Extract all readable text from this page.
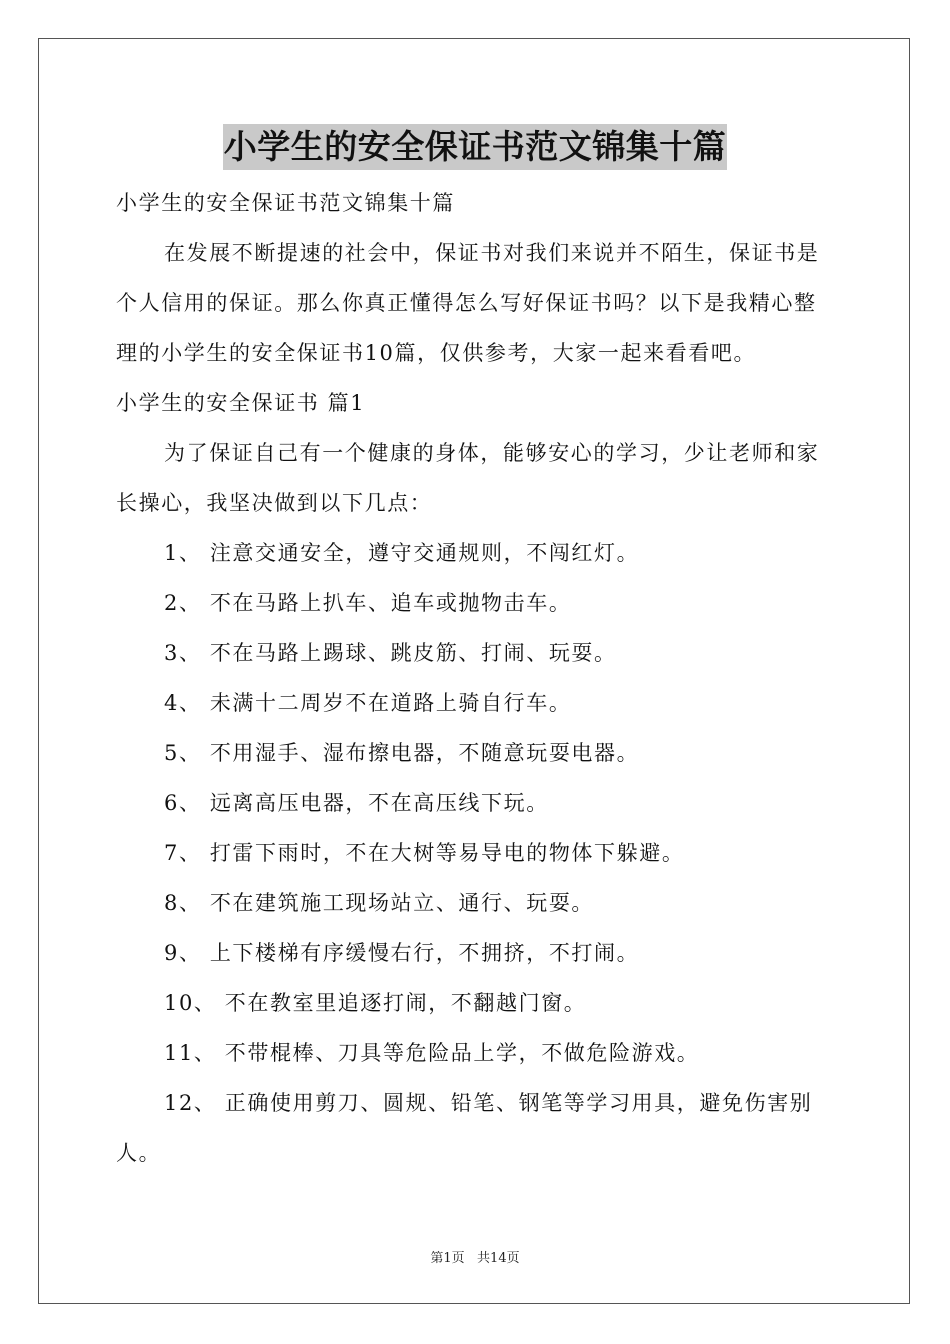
小学生的安全保证书范文锦集十篇

小学生的安全保证书范文锦集十篇

在发展不断提速的社会中，保证书对我们来说并不陌生，保证书是个人信用的保证。那么你真正懂得怎么写好保证书吗？以下是我精心整理的小学生的安全保证书10篇，仅供参考，大家一起来看看吧。

小学生的安全保证书 篇1

为了保证自己有一个健康的身体，能够安心的学习，少让老师和家长操心，我坚决做到以下几点：

1、 注意交通安全，遵守交通规则，不闯红灯。

2、 不在马路上扒车、追车或抛物击车。

3、 不在马路上踢球、跳皮筋、打闹、玩耍。

4、 未满十二周岁不在道路上骑自行车。

5、 不用湿手、湿布擦电器，不随意玩耍电器。

6、 远离高压电器，不在高压线下玩。

7、 打雷下雨时，不在大树等易导电的物体下躲避。

8、 不在建筑施工现场站立、通行、玩耍。

9、 上下楼梯有序缓慢右行，不拥挤，不打闹。

10、 不在教室里追逐打闹，不翻越门窗。

11、 不带棍棒、刀具等危险品上学，不做危险游戏。

12、 正确使用剪刀、圆规、铅笔、钢笔等学习用具，避免伤害别人。

第1页   共14页
